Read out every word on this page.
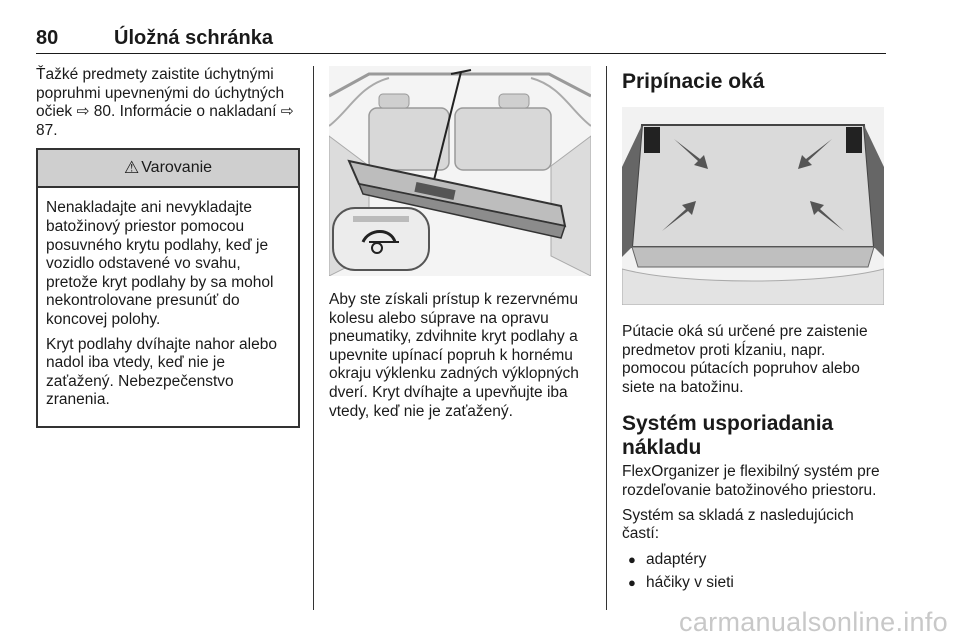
80	Úložná schránka

Ťažké predmety zaistite úchytnými popruhmi upevnenými do úchytných očiek ⇨ 80. Informácie o nakladaní ⇨ 87.

⚠ Varovanie

Nenakladajte ani nevykladajte batožinový priestor pomocou posuvného krytu podlahy, keď je vozidlo odstavené vo svahu, pretože kryt podlahy by sa mohol nekontrolovane presunúť do koncovej polohy.

Kryt podlahy dvíhajte nahor alebo nadol iba vtedy, keď nie je zaťažený. Nebezpečenstvo zranenia.

Aby ste získali prístup k rezervnému kolesu alebo súprave na opravu pneumatiky, zdvihnite kryt podlahy a upevnite upínací popruh k hornému okraju výklenku zadných výklopných dverí. Kryt dvíhajte a upevňujte iba vtedy, keď nie je zaťažený.

Pripínacie oká

Pútacie oká sú určené pre zaistenie predmetov proti kĺzaniu, napr. pomocou pútacích popruhov alebo siete na batožinu.

Systém usporiadania nákladu

FlexOrganizer je flexibilný systém pre rozdeľovanie batožinového priestoru.

Systém sa skladá z nasledujúcich častí:

● adaptéry
● háčiky v sieti
carmanualsonline.info
